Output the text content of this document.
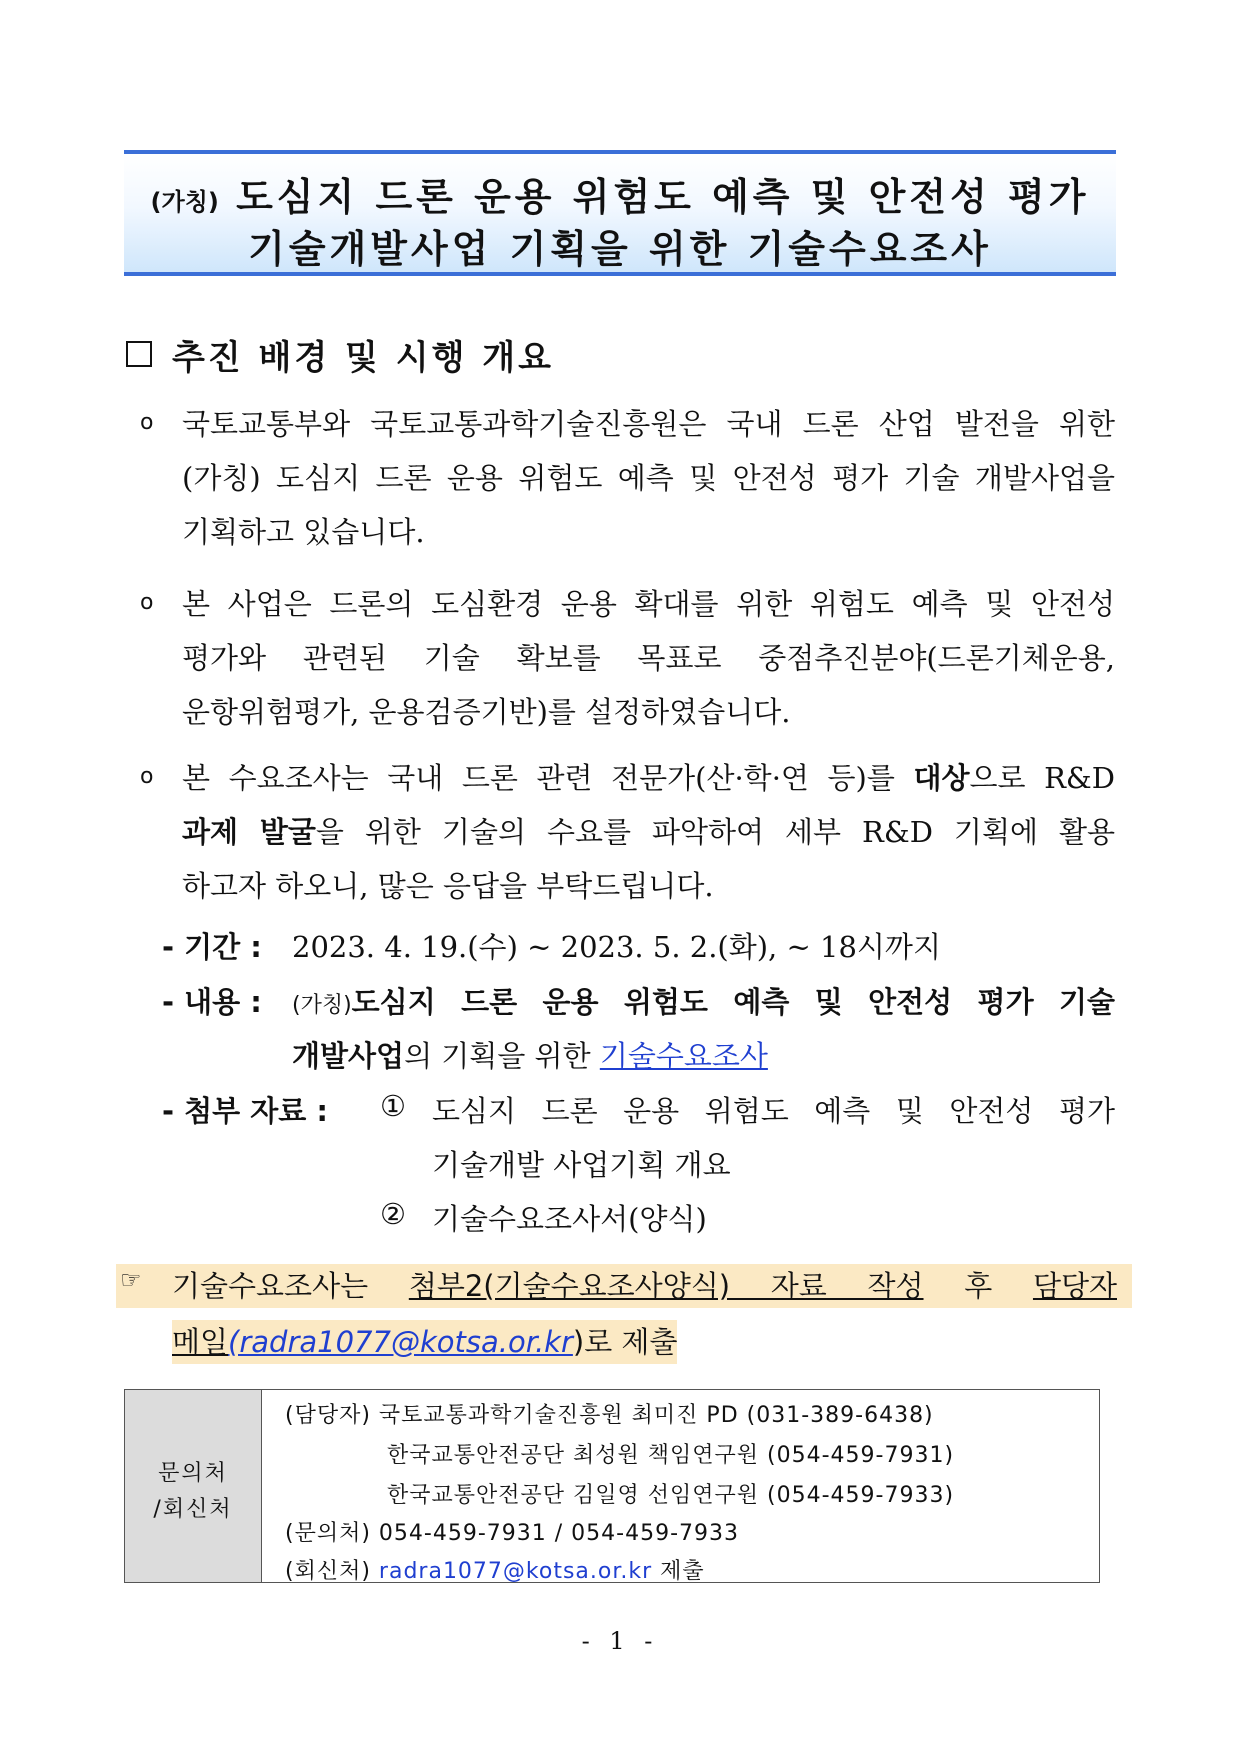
(가칭) 도심지 드론 운용 위험도 예측 및 안전성 평가
기술개발사업 기획을 위한 기술수요조사
추진 배경 및 시행 개요
o 국토교통부와 국토교통과학기술진흥원은 국내 드론 산업 발전을 위한
(가칭) 도심지 드론 운용 위험도 예측 및 안전성 평가 기술 개발사업을
기획하고 있습니다.
o 본 사업은 드론의 도심환경 운용 확대를 위한 위험도 예측 및 안전성
평가와 관련된 기술 확보를 목표로 중점추진분야(드론기체운용,
운항위험평가, 운용검증기반)를 설정하였습니다.
o 본 수요조사는 국내 드론 관련 전문가(산·학·연 등)를 대상으로 R&D
과제 발굴을 위한 기술의 수요를 파악하여 세부 R&D 기획에 활용
하고자 하오니, 많은 응답을 부탁드립니다.
- 기간 : 2023. 4. 19.(수) ~ 2023. 5. 2.(화), ~ 18시까지
- 내용 : (가칭)도심지 드론 운용 위험도 예측 및 안전성 평가 기술
개발사업의 기획을 위한 기술수요조사
- 첨부 자료 : ① 도심지 드론 운용 위험도 예측 및 안전성 평가
기술개발 사업기획 개요
② 기술수요조사서(양식)
☞ 기술수요조사는 첨부2(기술수요조사양식) 자료 작성 후 담당자
메일(radra1077@kotsa.or.kr)로 제출
문의처
/회신처
(담당자) 국토교통과학기술진흥원 최미진 PD (031-389-6438)
한국교통안전공단 최성원 책임연구원 (054-459-7931)
한국교통안전공단 김일영 선임연구원 (054-459-7933)
(문의처) 054-459-7931 / 054-459-7933
(회신처) radra1077@kotsa.or.kr 제출
- 1 -
